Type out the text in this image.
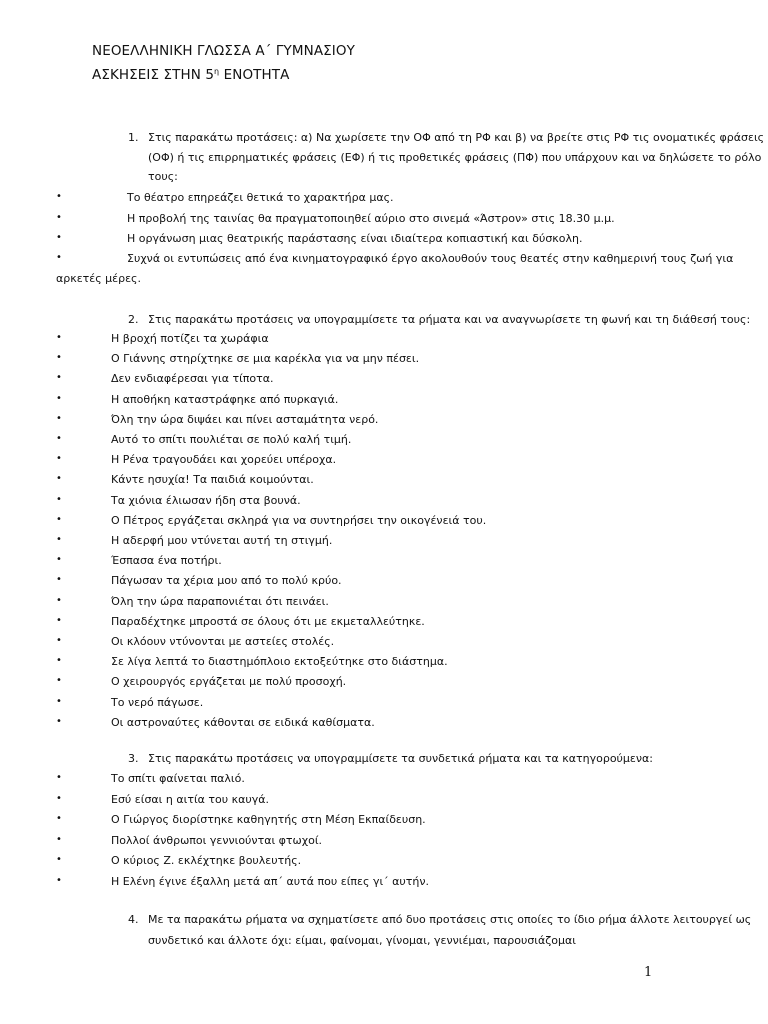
ΝΕΟΕΛΛΗΝΙΚΗ ΓΛΩΣΣΑ Α΄ ΓΥΜΝΑΣΙΟΥ
ΑΣΚΗΣΕΙΣ ΣΤΗΝ $5^\eta$ ΕΝΟΤΗΤΑ
1. Στις παρακάτω προτάσεις: α) Να χωρίσετε την ΟΦ από τη ΡΦ και β) να βρείτε στις ΡΦ τις ονοματικές φράσεις
(ΟΦ) ή τις επιρρηματικές φράσεις (ΕΦ) ή τις προθετικές φράσεις (ΠΦ) που υπάρχουν και να δηλώσετε το ρόλο
τους:
•	Το θέατρο επηρεάζει θετικά το χαρακτήρα μας.
•	Η προβολή της ταινίας θα πραγματοποιηθεί αύριο στο σινεμά «Άστρον» στις 18.30 μ.μ.
•	Η οργάνωση μιας θεατρικής παράστασης είναι ιδιαίτερα κοπιαστική και δύσκολη.
•	Συχνά οι εντυπώσεις από ένα κινηματογραφικό έργο ακολουθούν τους θεατές στην καθημερινή τους ζωή για
αρκετές μέρες.
2. Στις παρακάτω προτάσεις να υπογραμμίσετε τα ρήματα και να αναγνωρίσετε τη φωνή και τη διάθεσή τους:
•	Η βροχή ποτίζει τα χωράφια
•	Ο Γιάννης στηρίχτηκε σε μια καρέκλα για να μην πέσει.
•	Δεν ενδιαφέρεσαι για τίποτα.
•	Η αποθήκη καταστράφηκε από πυρκαγιά.
•	Όλη την ώρα διψάει και πίνει ασταμάτητα νερό.
•	Αυτό το σπίτι πουλιέται σε πολύ καλή τιμή.
•	Η Ρένα τραγουδάει και χορεύει υπέροχα.
•	Κάντε ησυχία! Τα παιδιά κοιμούνται.
•	Τα χιόνια έλιωσαν ήδη στα βουνά.
•	Ο Πέτρος εργάζεται σκληρά για να συντηρήσει την οικογένειά του.
•	Η αδερφή μου ντύνεται αυτή τη στιγμή.
•	Έσπασα ένα ποτήρι.
•	Πάγωσαν τα χέρια μου από το πολύ κρύο.
•	Όλη την ώρα παραπονιέται ότι πεινάει.
•	Παραδέχτηκε μπροστά σε όλους ότι με εκμεταλλεύτηκε.
•	Οι κλόουν ντύνονται με αστείες στολές.
•	Σε λίγα λεπτά το διαστημόπλοιο εκτοξεύτηκε στο διάστημα.
•	Ο χειρουργός εργάζεται με πολύ προσοχή.
•	Το νερό πάγωσε.
•	Οι αστροναύτες κάθονται σε ειδικά καθίσματα.
3. Στις παρακάτω προτάσεις να υπογραμμίσετε τα συνδετικά ρήματα και τα κατηγορούμενα:
•	Το σπίτι φαίνεται παλιό.
•	Εσύ είσαι η αιτία του καυγά.
•	Ο Γιώργος διορίστηκε καθηγητής στη Μέση Εκπαίδευση.
•	Πολλοί άνθρωποι γεννιούνται φτωχοί.
•	Ο κύριος Ζ. εκλέχτηκε βουλευτής.
•	Η Ελένη έγινε έξαλλη μετά απ΄ αυτά που είπες γι΄ αυτήν.
4. Με τα παρακάτω ρήματα να σχηματίσετε από δυο προτάσεις στις οποίες το ίδιο ρήμα άλλοτε λειτουργεί ως
συνδετικό και άλλοτε όχι: είμαι, φαίνομαι, γίνομαι, γεννιέμαι, παρουσιάζομαι
1
